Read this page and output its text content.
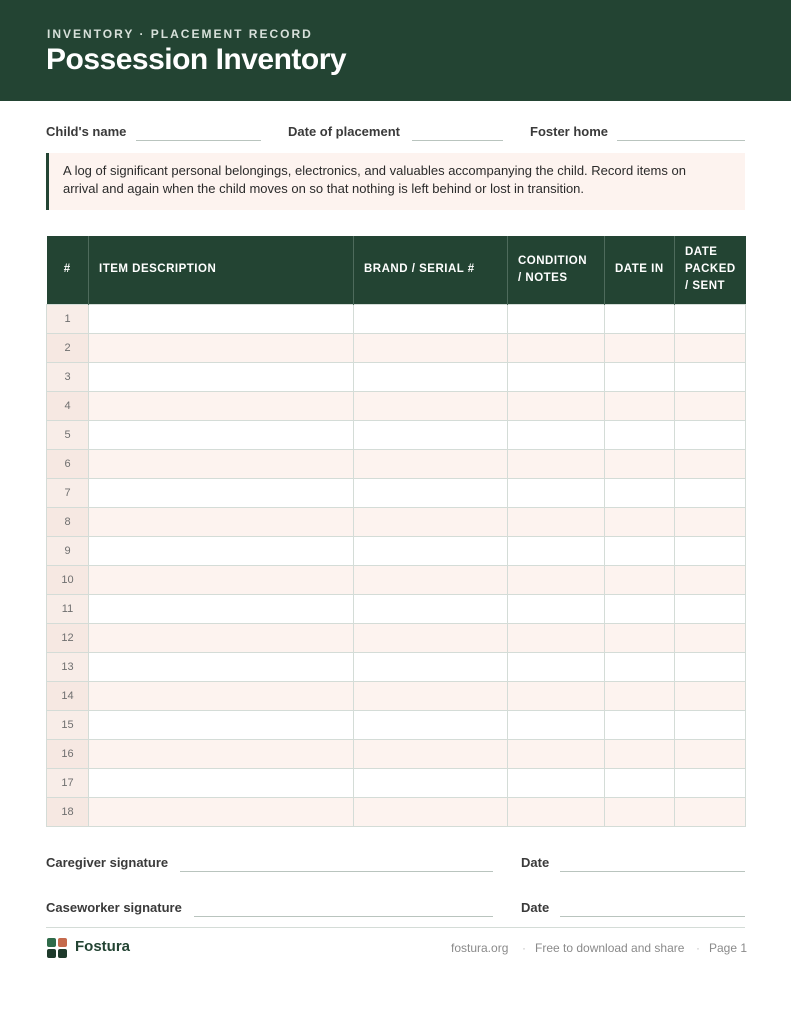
INVENTORY · PLACEMENT RECORD
Possession Inventory
Child's name	Date of placement	Foster home

A log of significant personal belongings, electronics, and valuables accompanying the child. Record items on arrival and again when the child moves on so that nothing is left behind or lost in transition.

#	ITEM DESCRIPTION	BRAND / SERIAL #	CONDITION / NOTES	DATE IN	DATE PACKED / SENT
1					
2					
3					
4					
5					
6					
7					
8					
9					
10					
11					
12					
13					
14					
15					
16					
17					
18					
Caregiver signature	Date
Caseworker signature	Date
Fostura	fostura.org · Free to download and share · Page 1
